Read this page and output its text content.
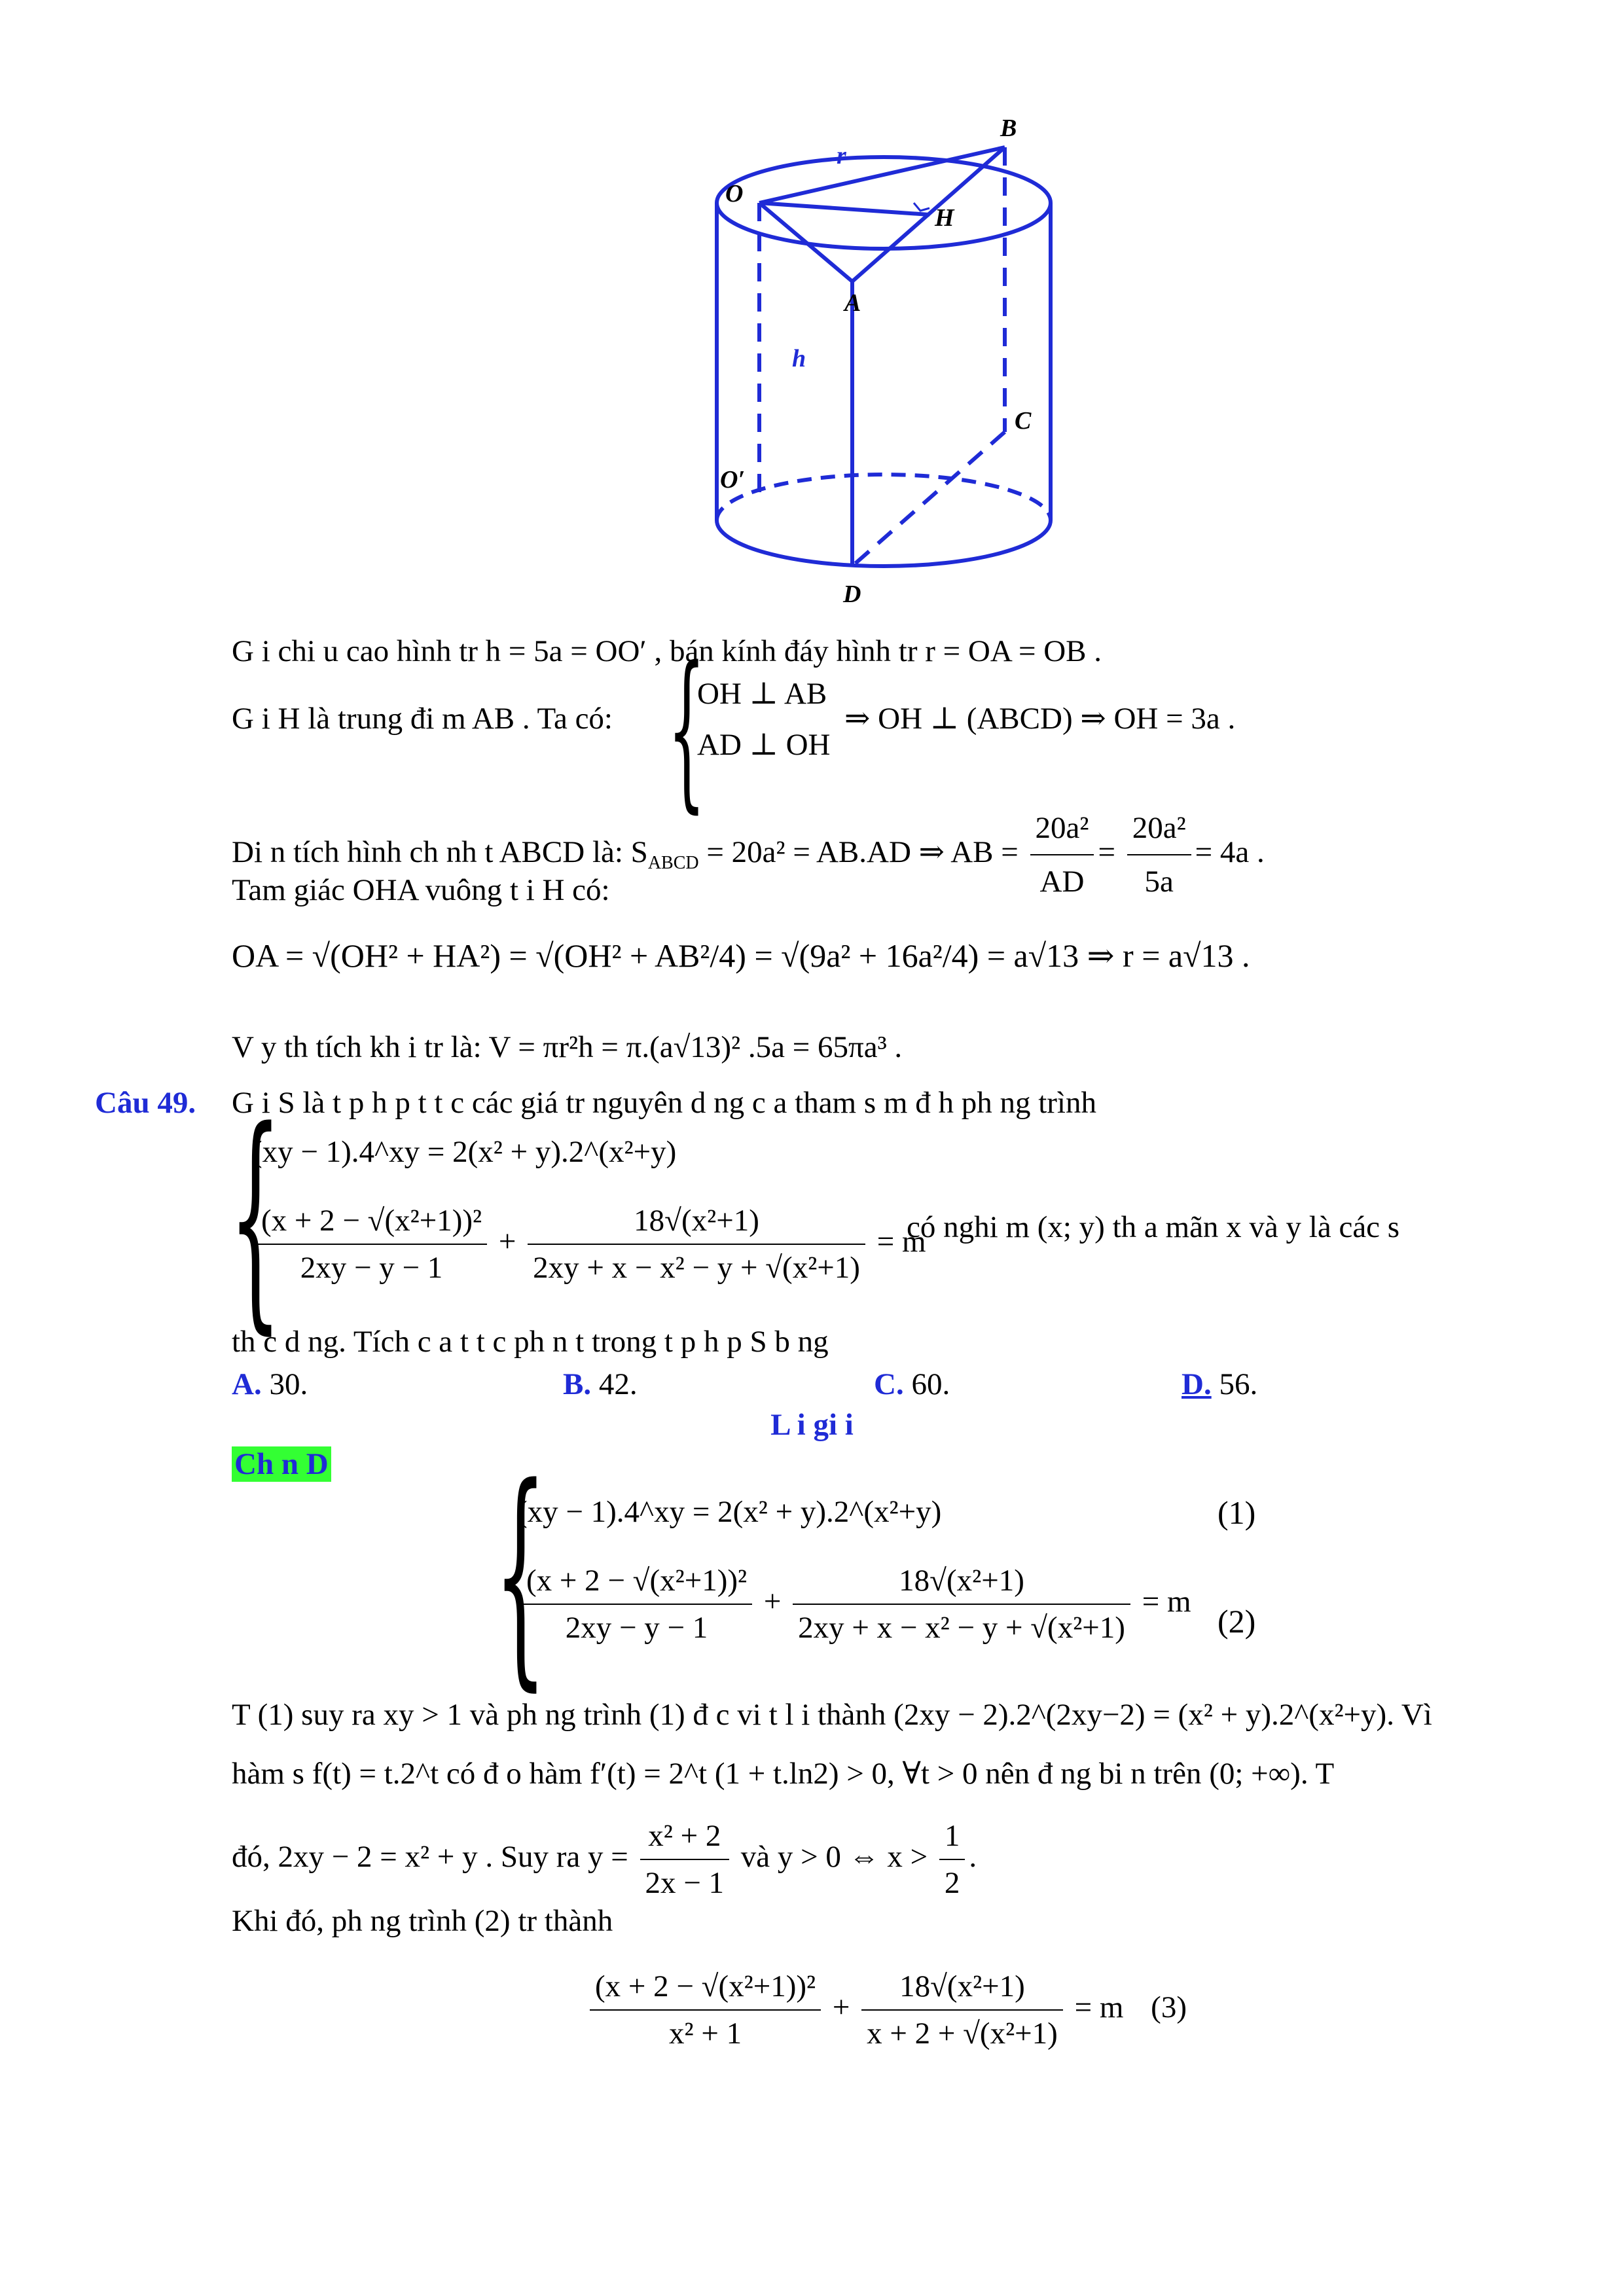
B
O
r
H
A
h
C
O′
D
G i chi u cao hình tr h = 5a = OO′ , bán kính đáy hình tr r = OA = OB .
G i H là trung đi m AB . Ta có: {
OH ⊥ AB
AD ⊥ OH
⇒ OH ⊥ (ABCD) ⇒ OH = 3a .
Di n tích hình ch nh t ABCD là: $S_{ABCD} = 20a^2 = AB.AD$ ⇒ AB = $\frac{\text{20a²}}{AD} = \frac{\text{20a²}}{5a} = 4a$ .
Tam giác OHA vuông t i H có:
OA = √(OH² + HA²) = √(OH² + AB²/4) = √(9a² + 16a²/4) = a√13 ⇒ r = a√13 .
V y th tích kh i tr là: V = πr²h = π.(a√13)² .5a = 65πa³ .
Câu 49. G i S là t p h p t t c các giá tr nguyên d ng c a tham s m đ h ph ng trình
{
(xy − 1).4^xy = 2(x² + y).2^(x²+y)
$\frac{\text{(x + 2 − √(x²+1))²}}{2xy - y - 1} + \frac{\text{18√(x²+1)}}{\text{2xy + x − x² − y + √(x²+1)}} = m$
có nghi m (x; y) th a mãn x và y là các s
th c d ng. Tích c a t t c ph n t trong t p h p S b ng
A. 30.	B. 42.	C. 60.	D. 56.
L i gi i
Ch n D {
(xy − 1).4^xy = 2(x² + y).2^(x²+y)	(1)
$\frac{\text{(x + 2 − √(x²+1))²}}{2xy - y - 1} + \frac{\text{18√(x²+1)}}{\text{2xy + x − x² − y + √(x²+1)}} = m$
(2)
T (1) suy ra xy > 1 và ph ng trình (1) đ c vi t l i thành (2xy − 2).2^(2xy−2) = (x² + y).2^(x²+y). Vì
hàm s f(t) = t.2^t có đ o hàm f′(t) = 2^t (1 + t.ln2) > 0, ∀t > 0 nên đ ng bi n trên (0; +∞). T
đó, 2xy − 2 = x² + y . Suy ra $y = \frac{\text{x² + 2}}{2x - 1}$ và y > 0 ⇔ $x > \frac{1}{2}$ .
Khi đó, ph ng trình (2) tr thành
$\frac{\text{(x + 2 − √(x²+1))²}}{\text{x² + 1}} + \frac{\text{18√(x²+1)}}{\text{x + 2 + √(x²+1)}} = m$ (3)
